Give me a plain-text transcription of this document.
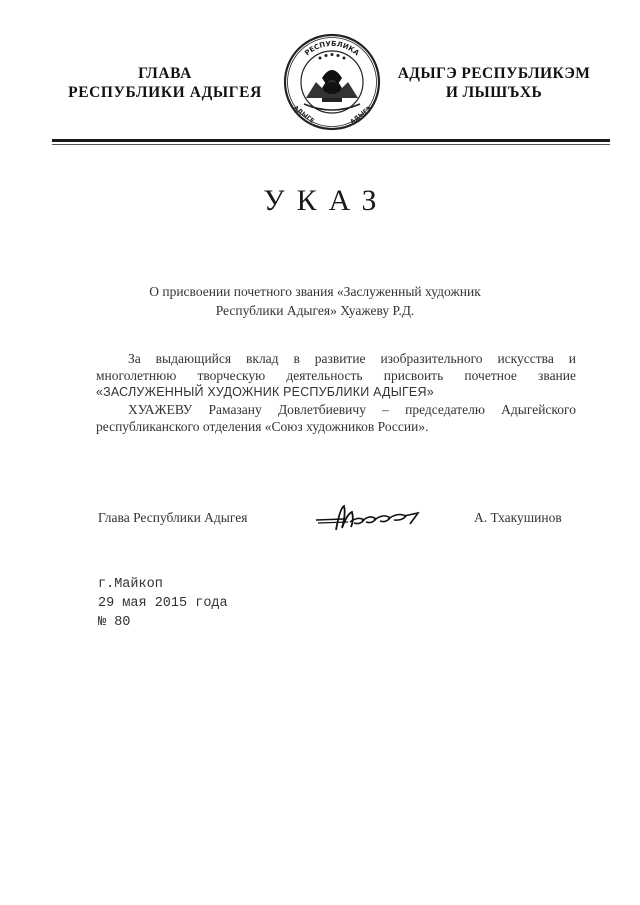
ГЛАВА
РЕСПУБЛИКИ АДЫГЕЯ
РЕСПУБЛИКА
АДЫГЕ	АДЫГЭ
АДЫГЭ РЕСПУБЛИКЭМ
И ЛЫШЪХЬ
УКАЗ
О присвоении почетного звания «Заслуженный художник
Республики Адыгея» Хуажеву Р.Д.
За выдающийся вклад в развитие изобразительного искусства и
многолетнюю творческую деятельность присвоить почетное звание
«ЗАСЛУЖЕННЫЙ ХУДОЖНИК РЕСПУБЛИКИ АДЫГЕЯ»
ХУАЖЕВУ Рамазану Довлетбиевичу – председателю Адыгейского
республиканского отделения «Союз художников России».
Глава Республики Адыгея	А. Тхакушинов
г.Майкоп
29 мая 2015 года
№ 80
